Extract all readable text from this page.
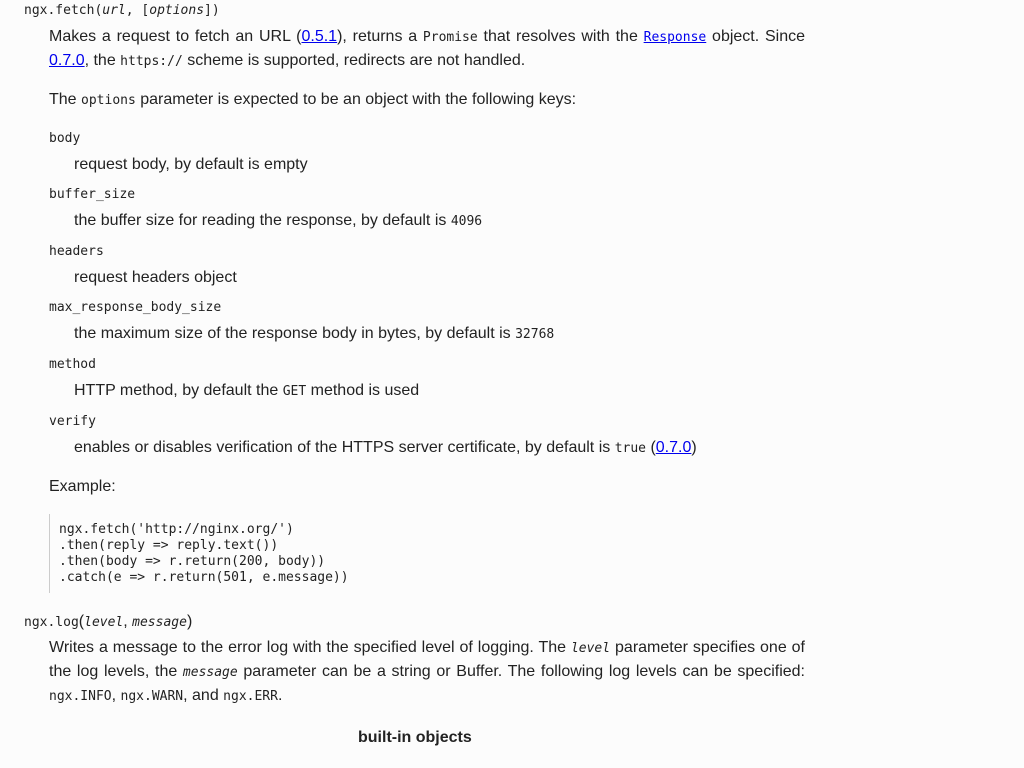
ngx.fetch(url, [options])
Makes a request to fetch an URL (0.5.1), returns a Promise that resolves with the Response object. Since
0.7.0, the https:// scheme is supported, redirects are not handled.
The options parameter is expected to be an object with the following keys:
body
request body, by default is empty
buffer_size
the buffer size for reading the response, by default is 4096
headers
request headers object
max_response_body_size
the maximum size of the response body in bytes, by default is 32768
method
HTTP method, by default the GET method is used
verify
enables or disables verification of the HTTPS server certificate, by default is true (0.7.0)
Example:
ngx.fetch('http://nginx.org/')
.then(reply => reply.text())
.then(body => r.return(200, body))
.catch(e => r.return(501, e.message))
ngx.log(level, message)
Writes a message to the error log with the specified level of logging. The level parameter specifies one of the log levels, the message parameter can be a string or Buffer. The following log levels can be specified:
ngx.INFO, ngx.WARN, and ngx.ERR.
built-in objects
